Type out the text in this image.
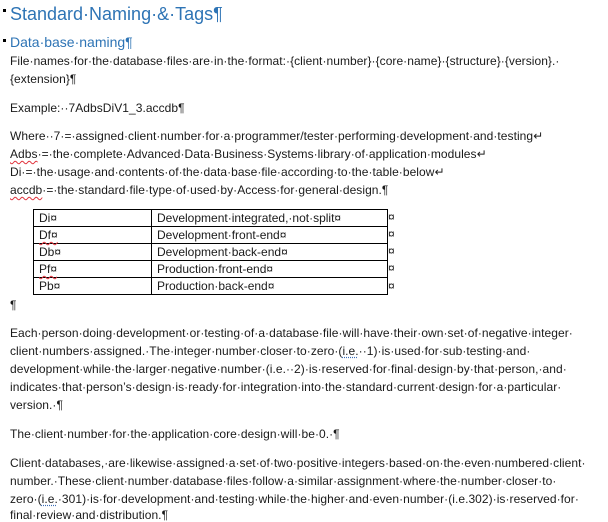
Standard·Naming·&·Tags¶
Data·base·naming¶
File·names·for·the·database·files·are·in·the·format:·{client·number}·{core·name}·{structure}·{version}.·
{extension}¶
Example:··7AdbsDiV1_3.accdb¶
Where··7·=·assigned·client·number·for·a·programmer/tester·performing·development·and·testing↵
Adbs·=·the·complete·Advanced·Data·Business·Systems·library·of·application·modules↵
Di·=·the·usage·and·contents·of·the·data·base·file·according·to·the·table·below↵
accdb·=·the·standard·file·type·of·used·by·Access·for·general·design.¶
Di¤	Development·integrated,·not·split¤
Df¤	Development·front-end¤
Db¤	Development·back-end¤
Pf¤	Production·front-end¤
Pb¤	Production·back-end¤
¤
¤
¤
¤
¤
¶
Each·person·doing·development·or·testing·of·a·database·file·will·have·their·own·set·of·negative·integer·
client·numbers·assigned.·The·integer·number·closer·to·zero·(i.e.··1)·is·used·for·sub·testing·and·
development·while·the·larger·negative·number·(i.e.··2)·is·reserved·for·final·design·by·that·person,·and·
indicates·that·person’s·design·is·ready·for·integration·into·the·standard·current·design·for·a·particular·
version.·¶
The·client·number·for·the·application·core·design·will·be·0.·¶
Client·databases,·are·likewise·assigned·a·set·of·two·positive·integers·based·on·the·even·numbered·client·
number.·These·client·number·database·files·follow·a·similar·assignment·where·the·number·closer·to·
zero·(i.e.·301)·is·for·development·and·testing·while·the·higher·and·even·number·(i.e.302)·is·reserved·for·
final·review·and·distribution.¶
